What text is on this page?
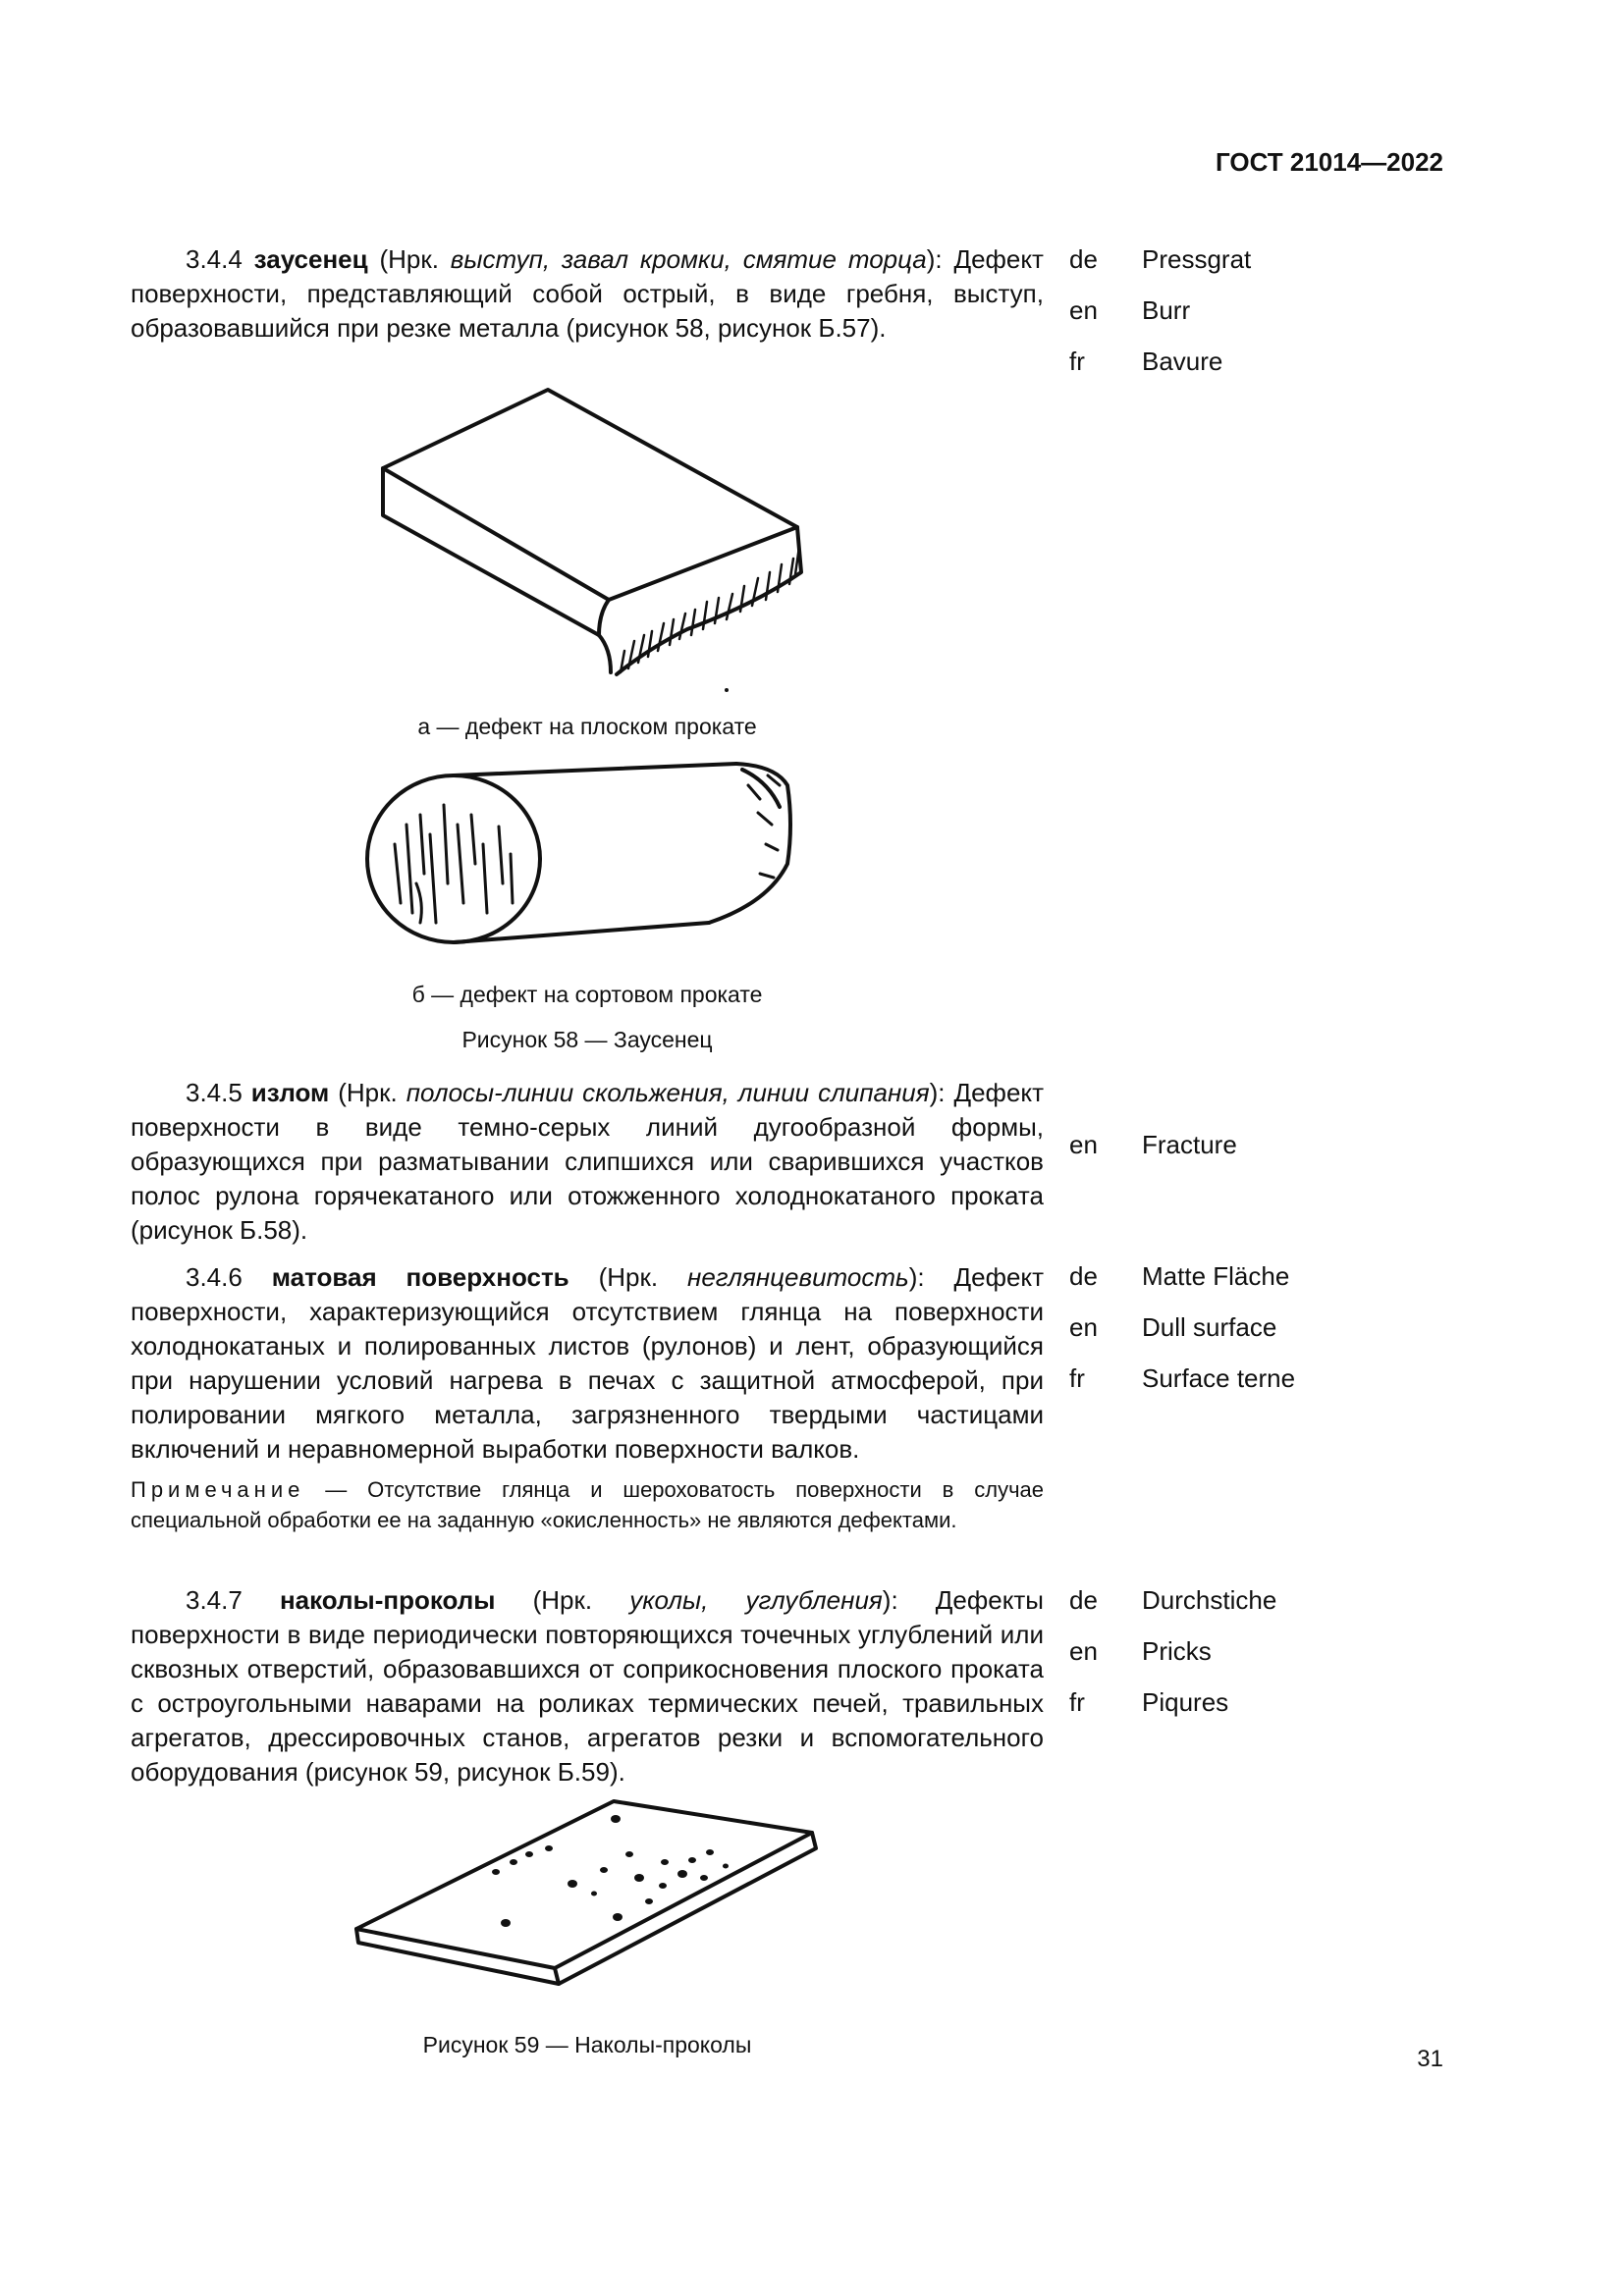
ГОСТ 21014—2022

3.4.4 заусенец (Нрк. выступ, завал кромки, смятие торца): Дефект поверхности, представляющий собой острый, в виде гребня, выступ, образовавшийся при резке металла (рисунок 58, рисунок Б.57).

de Pressgrat
en Burr
fr Bavure
а — дефект на плоском прокате
б — дефект на сортовом прокате
Рисунок 58 — Заусенец

3.4.5 излом (Нрк. полосы-линии скольжения, линии слипания): Дефект поверхности в виде темно-серых линий дугообразной формы, образующихся при разматывании слипшихся или сварившихся участков полос рулона горячекатаного или отожженного холоднокатаного проката (рисунок Б.58).

en Fracture

3.4.6 матовая поверхность (Нрк. неглянцевитость): Дефект поверхности, характеризующийся отсутствием глянца на поверхности холоднокатаных и полированных листов (рулонов) и лент, образующийся при нарушении условий нагрева в печах с защитной атмосферой, при полировании мягкого металла, загрязненного твердыми частицами включений и неравномерной выработки поверхности валков.

de Matte Fläche
en Dull surface
fr Surface terne
Примечание — Отсутствие глянца и шероховатость поверхности в случае специальной обработки ее на заданную «окисленность» не являются дефектами.

3.4.7 наколы-проколы (Нрк. уколы, углубления): Дефекты поверхности в виде периодически повторяющихся точечных углублений или сквозных отверстий, образовавшихся от соприкосновения плоского проката с остроугольными наварами на роликах термических печей, травильных агрегатов, дрессировочных станов, агрегатов резки и вспомогательного оборудования (рисунок 59, рисунок Б.59).

de Durchstiche
en Pricks
fr Piqures
Рисунок 59 — Наколы-проколы
31
